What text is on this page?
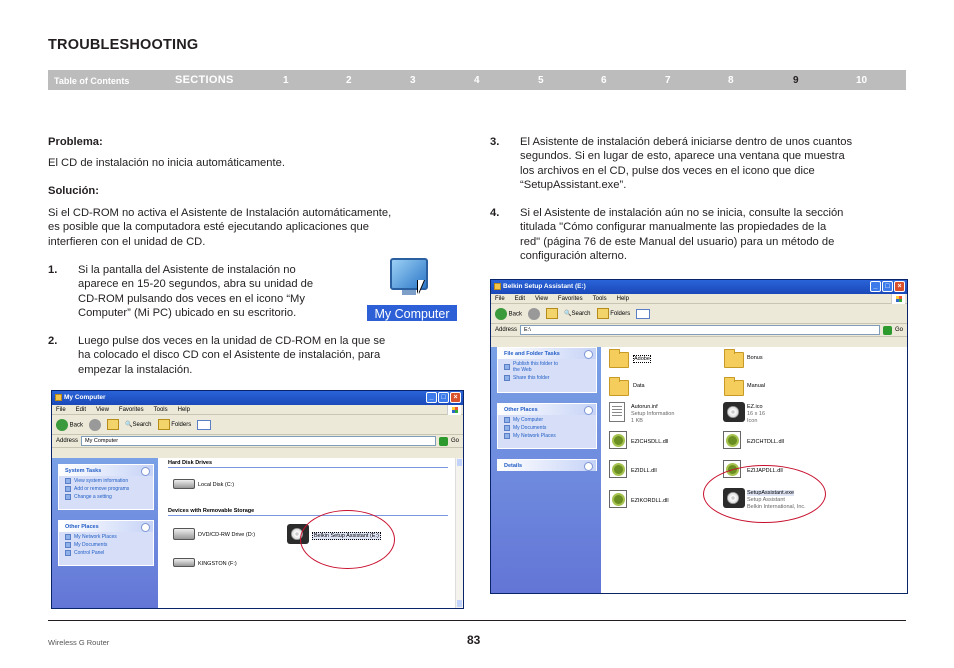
TROUBLESHOOTING
Table of Contents	SECTIONS	1	2	3	4	5	6	7	8	9	10
Problema:
El CD de instalación no inicia automáticamente.
Solución:
Si el CD-ROM no activa el Asistente de Instalación automáticamente,
es posible que la computadora esté ejecutando aplicaciones que
interfieren con el unidad de CD.
1. Si la pantalla del Asistente de instalación no
aparece en 15-20 segundos, abra su unidad de
CD-ROM pulsando dos veces en el icono “My
Computer” (Mi PC) ubicado en su escritorio.	My Computer
2. Luego pulse dos veces en la unidad de CD-ROM en la que se
ha colocado el disco CD con el Asistente de instalación, para
empezar la instalación.
My Computer	_	□	×
File Edit View Favorites Tools Help
Back	🔍Search	Folders
Address	My Computer	Go
System Tasks
View system information
Add or remove programs
Change a setting
Other Places
My Network Places
My Documents
Control Panel
Hard Disk Drives
Local Disk (C:)
Devices with Removable Storage
DVD/CD-RW Drive (D:)	Belkin Setup Assistant (E:)
KINGSTON (F:)
3. El Asistente de instalación deberá iniciarse dentro de unos cuantos
segundos. Si en lugar de esto, aparece una ventana que muestra
los archivos en el CD, pulse dos veces en el icono que dice
“SetupAssistant.exe”.
4. Si el Asistente de instalación aún no se inicia, consulte la sección
titulada "Cómo configurar manualmente las propiedades de la
red" (página 76 de este Manual del usuario) para un método de
configuración alterno.
Belkin Setup Assistant (E:)	_	□	×
File Edit View Favorites Tools Help
Back	🔍Search	Folders
Address	E:\	Go
File and Folder Tasks
Publish this folder to the Web
Share this folder
Other Places
My Computer
My Documents
My Network Places
Details
Adobe	Bonus
Data	Manual
Autorun.inf
Setup Information
1 KB
EZ.ico
16 x 16
Icon
EZICHSDLL.dll	EZICHTDLL.dll
EZIDLL.dll	EZIJAPDLL.dll
EZIKORDLL.dll
SetupAssistant.exe
Setup Assistant
Belkin International, Inc.
Wireless G Router	83
